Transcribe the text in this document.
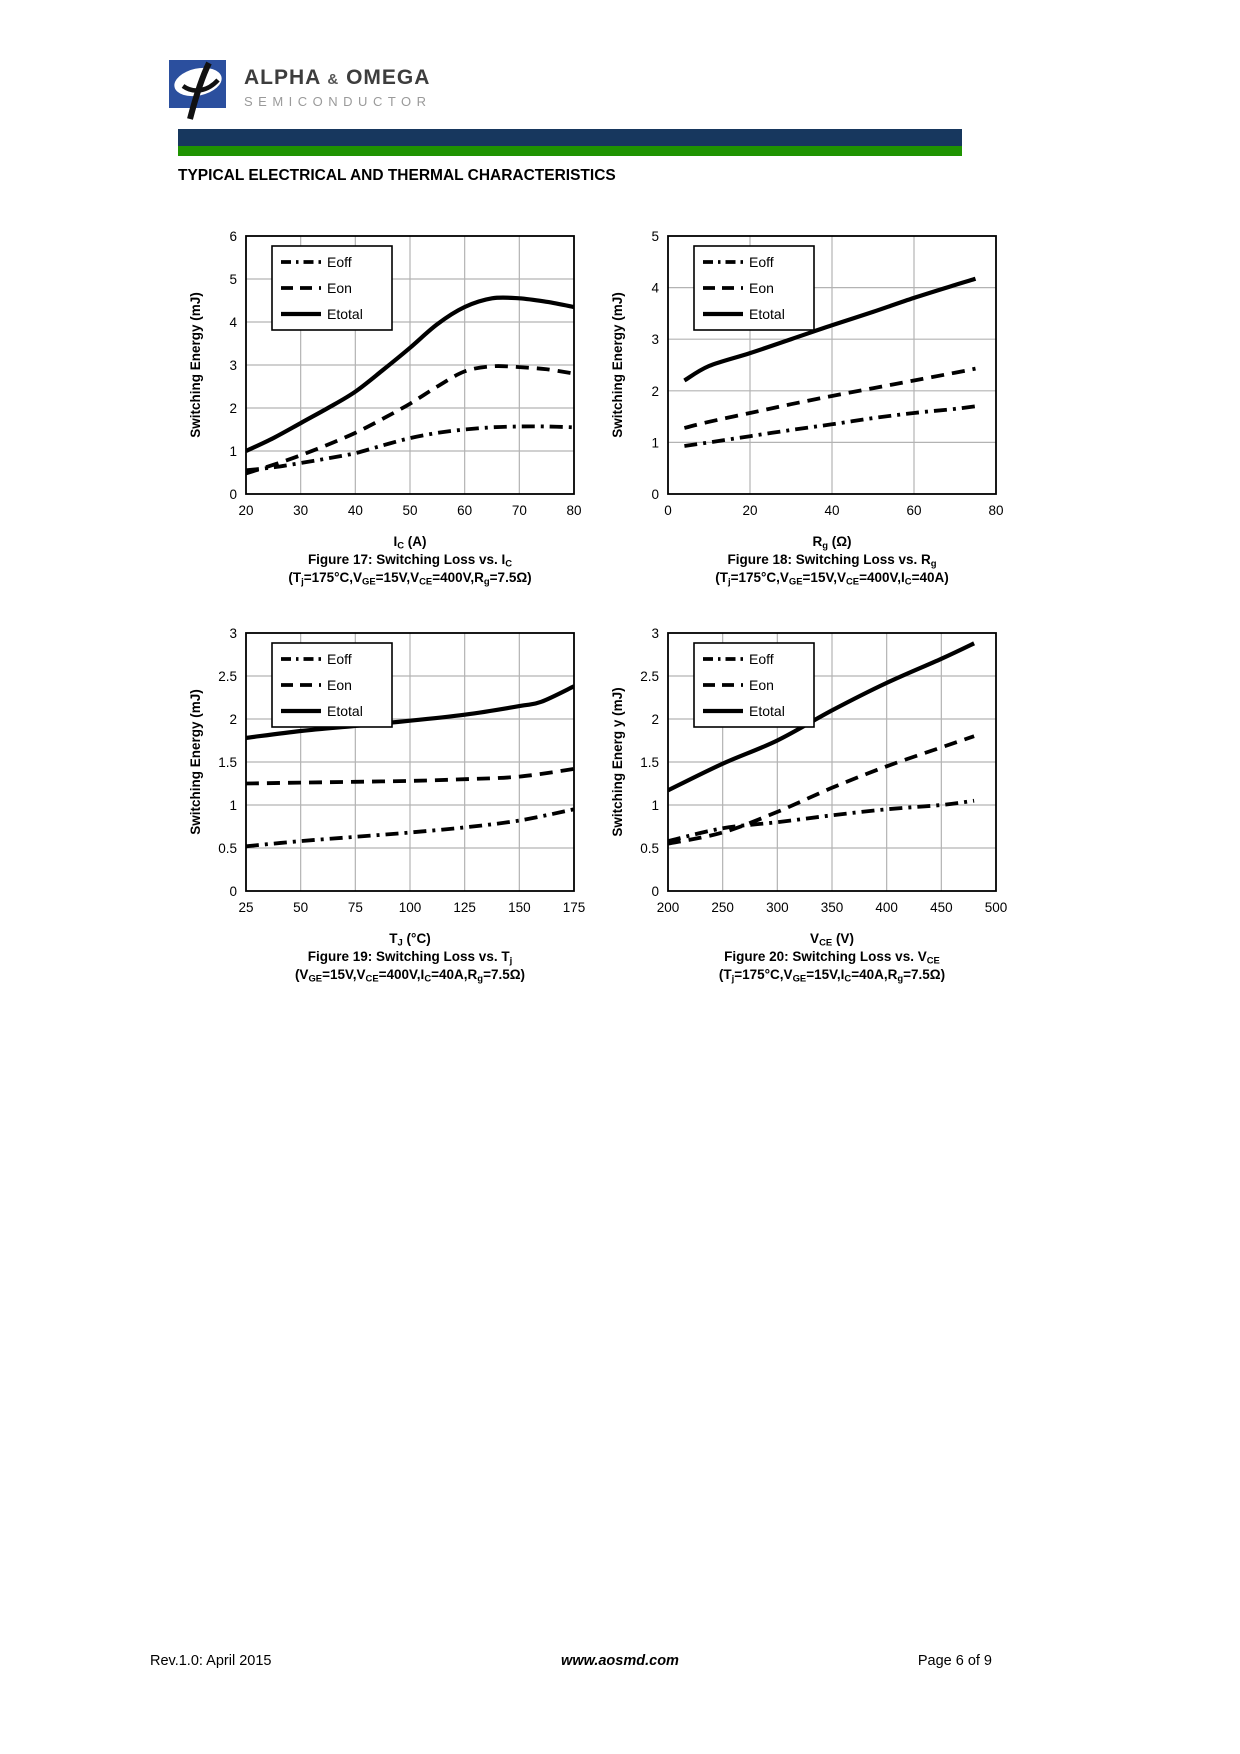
ALPHA & OMEGA
SEMICONDUCTOR
TYPICAL ELECTRICAL AND THERMAL CHARACTERISTICS
0
1
2
3
4
5
6
20	30	40	50	60	70	80
Switching Energy (mJ)
Eoff
Eon
Etotal
$I_C$ (A)
Figure 17: Switching Loss vs. $I_C$
$(T_j=175^\circ C,V_{GE}=15V,V_{CE}=400V,R_g=7.5\Omega)$
0
1
2
3
4
5
0	20	40	60	80
Switching Energy (mJ)
Eoff
Eon
Etotal
$R_g$ (Ω)
Figure 18: Switching Loss vs. $R_g$
$(T_j=175^\circ C,V_{GE}=15V,V_{CE}=400V,I_C=40A)$
0
0.5
1
1.5
2
2.5
3
25	50	75	100 125 150 175
Switching Energy (mJ)
Eoff
Eon
Etotal
$T_J$ (°C)
Figure 19: Switching Loss vs. $T_j$
$(V_{GE}=15V,V_{CE}=400V,I_C=40A,R_g=7.5\Omega)$
0
0.5
1
1.5
2
2.5
3
200 250 300 350 400 450 500
Switching Energ y (mJ)
Eoff
Eon
Etotal
$V_{CE}$ (V)
Figure 20: Switching Loss vs. $V_{CE}$
$(T_j=175^\circ C,V_{GE}=15V,I_C=40A,R_g=7.5\Omega)$
Rev.1.0: April 2015	www.aosmd.com	Page 6 of 9
